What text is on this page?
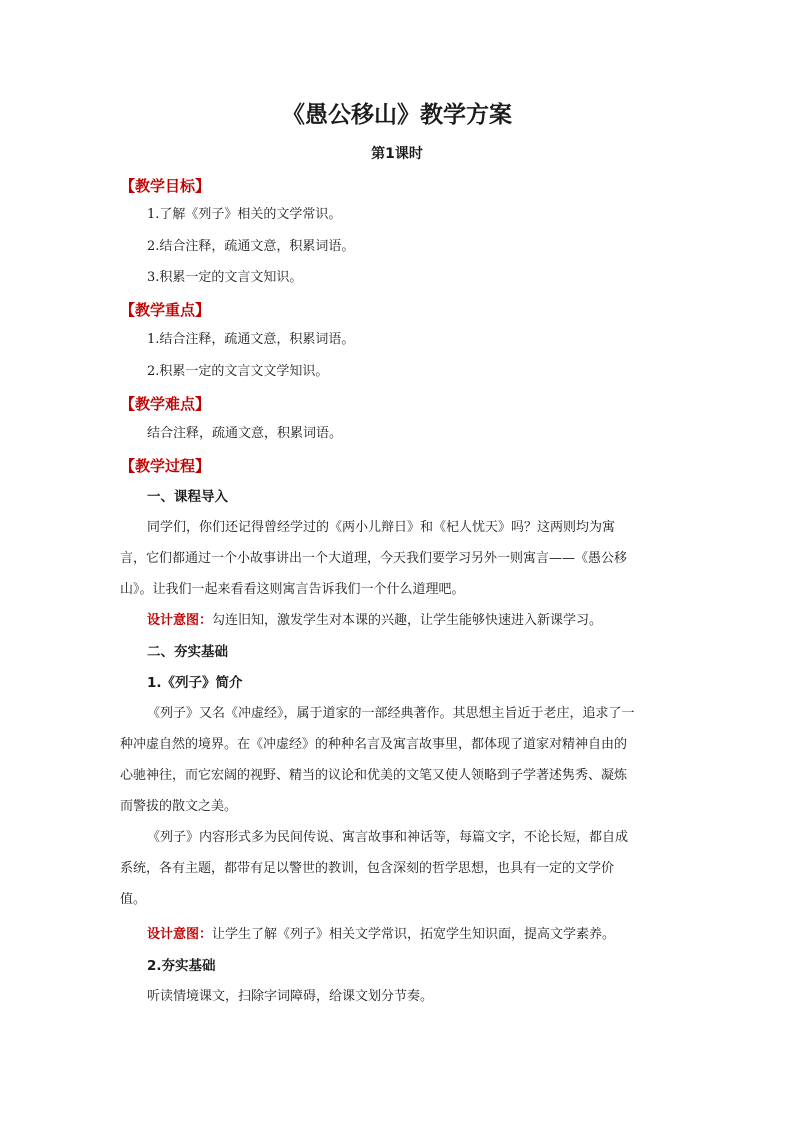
《愚公移山》教学方案
第1课时
【教学目标】
1.了解《列子》相关的文学常识。
2.结合注释，疏通文意，积累词语。
3.积累一定的文言文知识。
【教学重点】
1.结合注释，疏通文意，积累词语。
2.积累一定的文言文文学知识。
【教学难点】
结合注释，疏通文意，积累词语。
【教学过程】
一、课程导入
同学们，你们还记得曾经学过的《两小儿辩日》和《杞人忧天》吗？这两则均为寓
言，它们都通过一个小故事讲出一个大道理，今天我们要学习另外一则寓言——《愚公移
山》。让我们一起来看看这则寓言告诉我们一个什么道理吧。
设计意图：勾连旧知，激发学生对本课的兴趣，让学生能够快速进入新课学习。
二、夯实基础
1.《列子》简介
《列子》又名《冲虚经》，属于道家的一部经典著作。其思想主旨近于老庄，追求了一
种冲虚自然的境界。在《冲虚经》的种种名言及寓言故事里，都体现了道家对精神自由的
心驰神往，而它宏阔的视野、精当的议论和优美的文笔又使人领略到子学著述隽秀、凝炼
而警拔的散文之美。
《列子》内容形式多为民间传说、寓言故事和神话等，每篇文字，不论长短，都自成
系统，各有主题，都带有足以警世的教训，包含深刻的哲学思想，也具有一定的文学价
值。
设计意图：让学生了解《列子》相关文学常识，拓宽学生知识面，提高文学素养。
2.夯实基础
听读情境课文，扫除字词障碍，给课文划分节奏。
